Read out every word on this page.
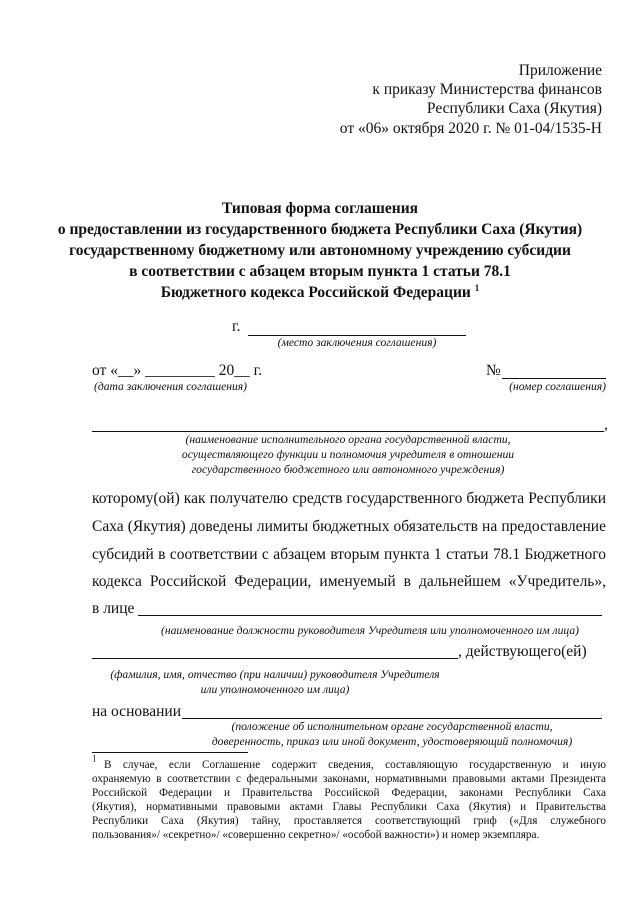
Приложение
к приказу Министерства финансов
Республики Саха (Якутия)
от «06» октября 2020 г. № 01-04/1535-Н
Типовая форма соглашения
о предоставлении из государственного бюджета Республики Саха (Якутия)
государственному бюджетному или автономному учреждению субсидии
в соответствии с абзацем вторым пункта 1 статьи 78.1
Бюджетного кодекса Российской Федерации $^1$
г.
(место заключения соглашения)
от «__» _________ 20__ г.
(дата заключения соглашения)
№
(номер соглашения)
,
(наименование исполнительного органа государственной власти,
осуществляющего функции и полномочия учредителя в отношении
государственного бюджетного или автономного учреждения)
которому(ой) как получателю средств государственного бюджета Республики
Саха (Якутия) доведены лимиты бюджетных обязательств на предоставление
субсидий в соответствии с абзацем вторым пункта 1 статьи 78.1 Бюджетного
кодекса Российской Федерации, именуемый в дальнейшем «Учредитель»,
в лице
(наименование должности руководителя Учредителя или уполномоченного им лица)
, действующего(ей)
(фамилия, имя, отчество (при наличии) руководителя Учредителя
или уполномоченного им лица)
на основании
(положение об исполнительном органе государственной власти,
доверенность, приказ или иной документ, удостоверяющий полномочия)
$^1$
В случае, если Соглашение содержит сведения, составляющую государственную и иную
охраняемую в соответствии с федеральными законами, нормативными правовыми актами Президента
Российской Федерации и Правительства Российской Федерации, законами Республики Саха
(Якутия), нормативными правовыми актами Главы Республики Саха (Якутия) и Правительства
Республики Саха (Якутия) тайну, проставляется соответствующий гриф («Для служебного
пользования»/ «секретно»/ «совершенно секретно»/ «особой важности») и номер экземпляра.
